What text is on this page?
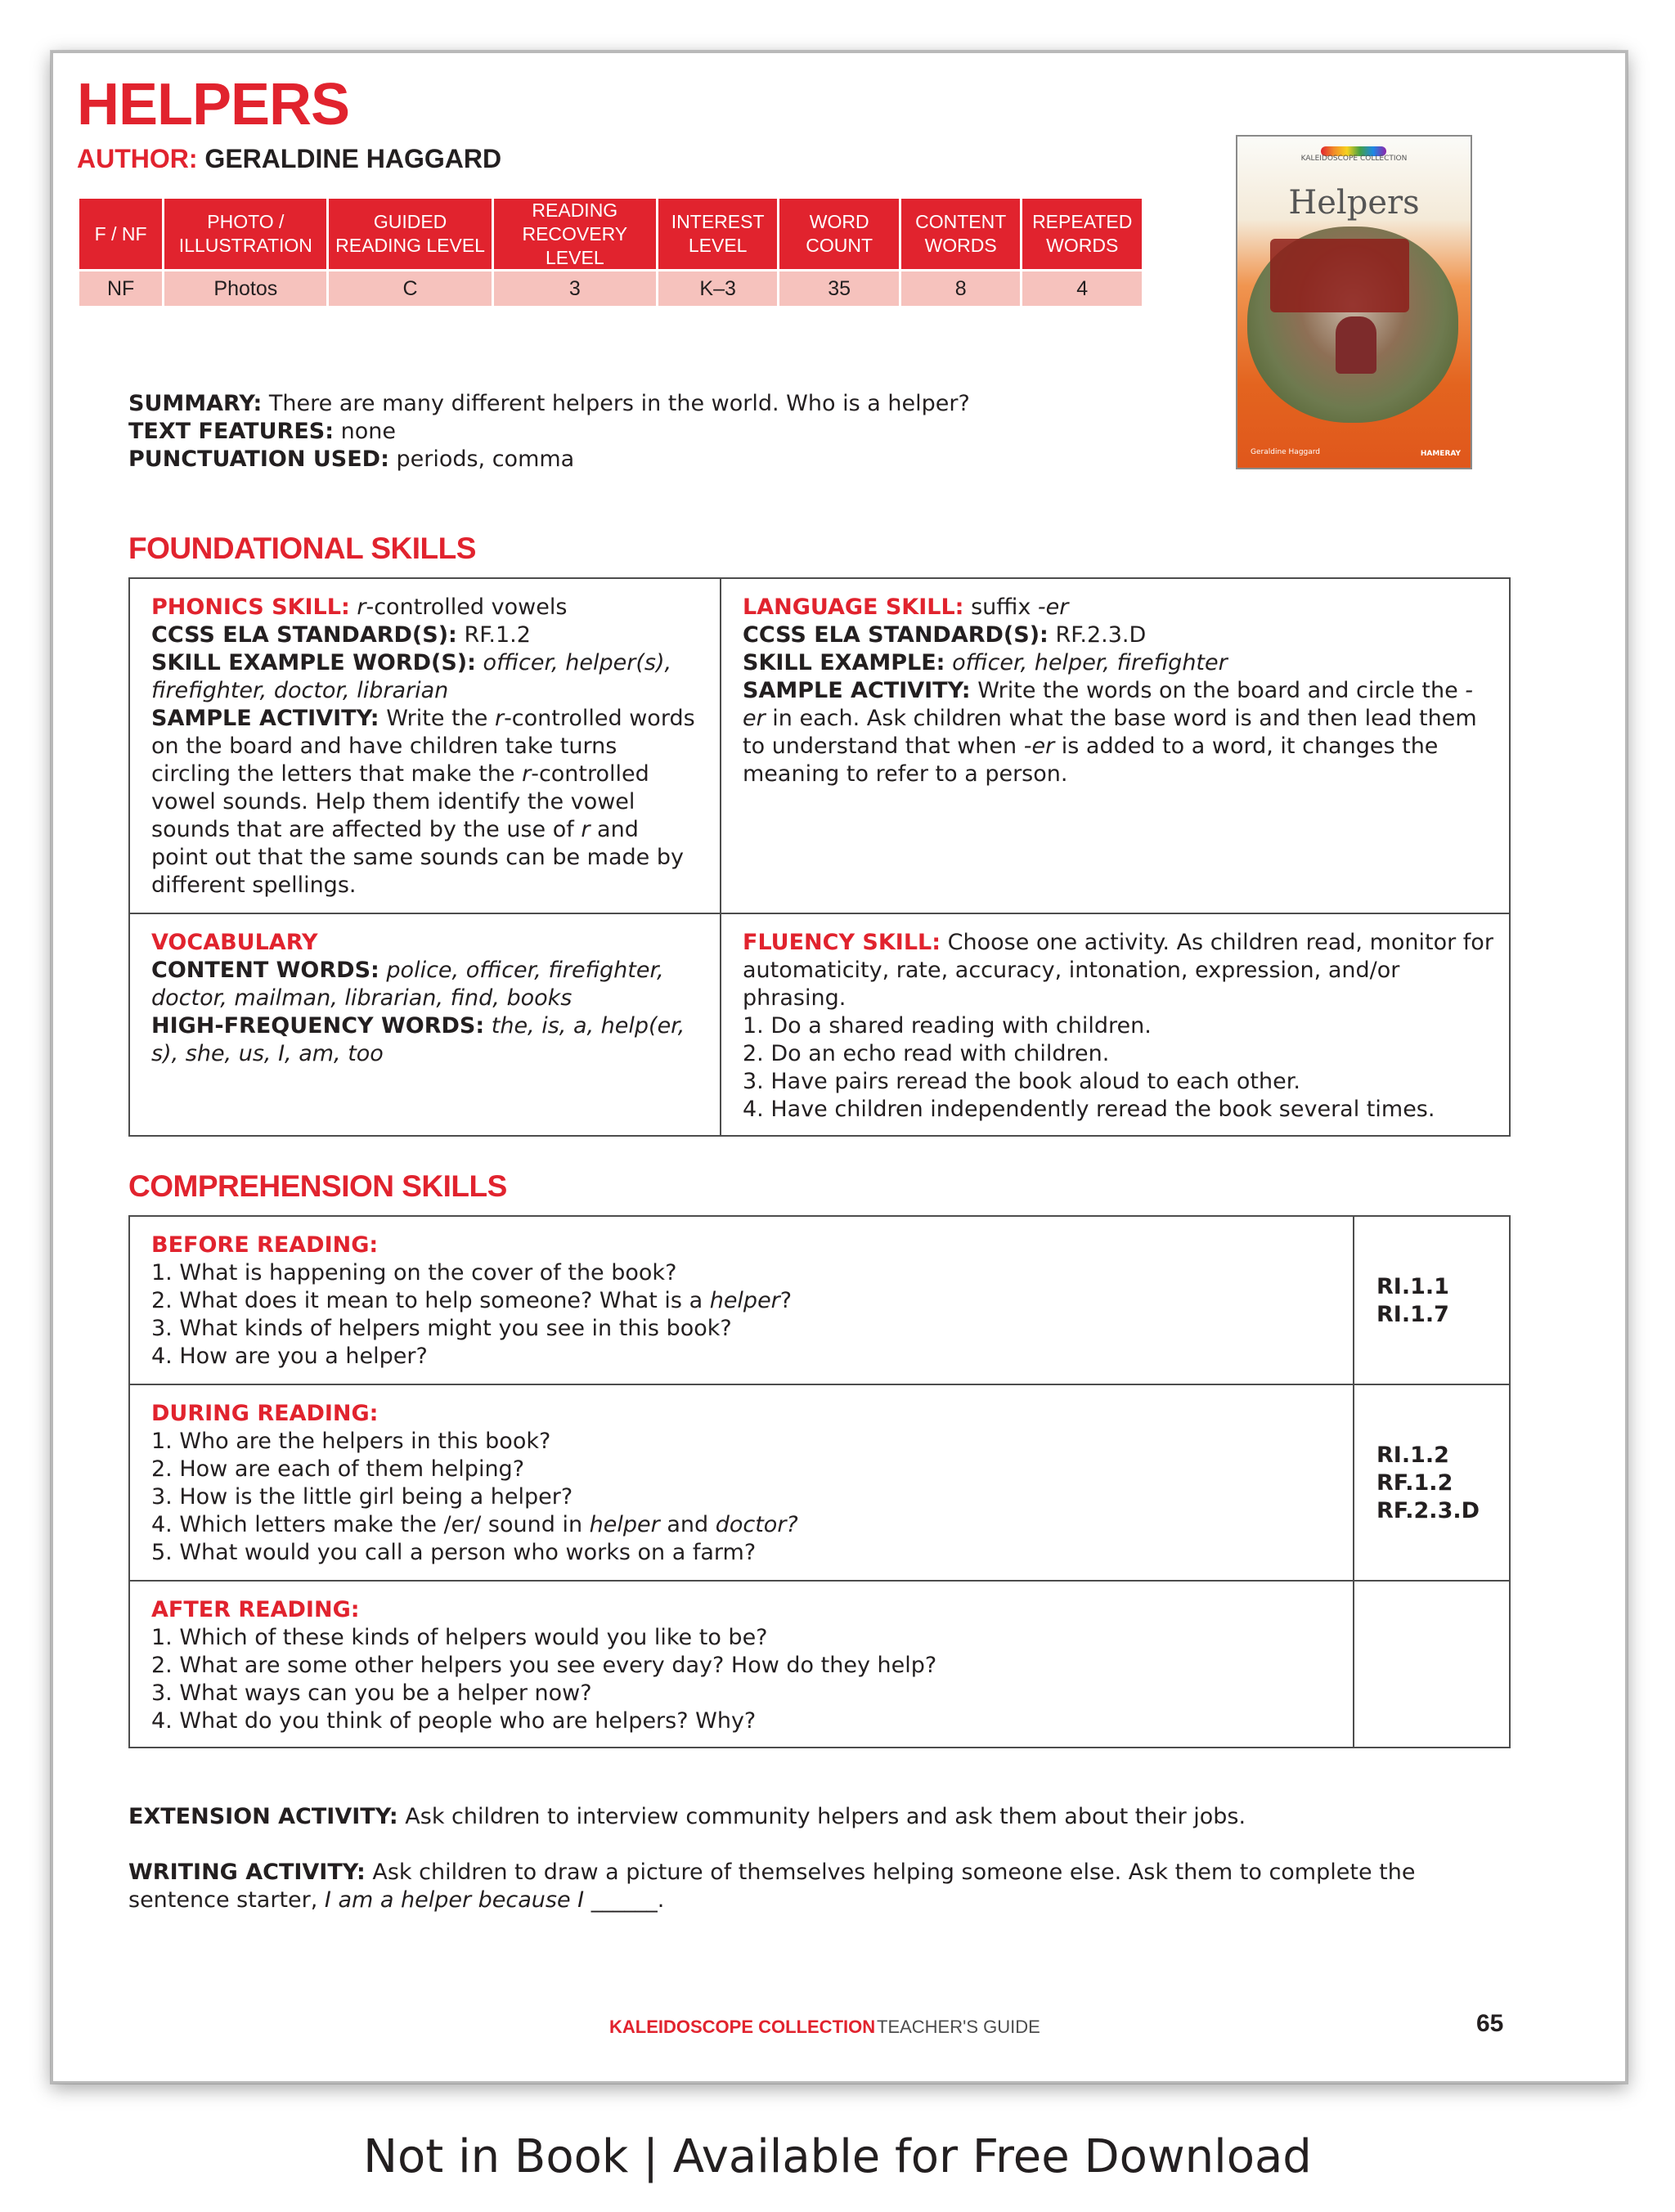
HELPERS
AUTHOR: GERALDINE HAGGARD
F / NF	PHOTO / ILLUSTRATION	GUIDED READING LEVEL	READING RECOVERY LEVEL	INTEREST LEVEL	WORD COUNT	CONTENT WORDS	REPEATED WORDS
NF	Photos	C	3	K–3	35	8	4
KALEIDOSCOPE COLLECTION
Helpers
Geraldine Haggard	HAMERAY
SUMMARY: There are many different helpers in the world. Who is a helper?
TEXT FEATURES: none
PUNCTUATION USED: periods, comma
FOUNDATIONAL SKILLS
PHONICS SKILL: r-controlled vowels
CCSS ELA STANDARD(S): RF.1.2
SKILL EXAMPLE WORD(S): officer, helper(s), firefighter, doctor, librarian
SAMPLE ACTIVITY: Write the r-controlled words on the board and have children take turns circling the letters that make the r-controlled vowel sounds. Help them identify the vowel sounds that are affected by the use of r and point out that the same sounds can be made by different spellings.
LANGUAGE SKILL: suffix -er
CCSS ELA STANDARD(S): RF.2.3.D
SKILL EXAMPLE: officer, helper, firefighter
SAMPLE ACTIVITY: Write the words on the board and circle the -er in each. Ask children what the base word is and then lead them to understand that when -er is added to a word, it changes the meaning to refer to a person.
VOCABULARY
CONTENT WORDS: police, officer, firefighter, doctor, mailman, librarian, find, books
HIGH-FREQUENCY WORDS: the, is, a, help(er, s), she, us, I, am, too
FLUENCY SKILL: Choose one activity. As children read, monitor for automaticity, rate, accuracy, intonation, expression, and/or phrasing.
1. Do a shared reading with children.
2. Do an echo read with children.
3. Have pairs reread the book aloud to each other.
4. Have children independently reread the book several times.
COMPREHENSION SKILLS
BEFORE READING:
1. What is happening on the cover of the book?
2. What does it mean to help someone? What is a helper?
3. What kinds of helpers might you see in this book?
4. How are you a helper?
RI.1.1
RI.1.7
DURING READING:
1. Who are the helpers in this book?
2. How are each of them helping?
3. How is the little girl being a helper?
4. Which letters make the /er/ sound in helper and doctor?
5. What would you call a person who works on a farm?
RI.1.2
RF.1.2
RF.2.3.D
AFTER READING:
1. Which of these kinds of helpers would you like to be?
2. What are some other helpers you see every day? How do they help?
3. What ways can you be a helper now?
4. What do you think of people who are helpers? Why?
EXTENSION ACTIVITY: Ask children to interview community helpers and ask them about their jobs.
WRITING ACTIVITY: Ask children to draw a picture of themselves helping someone else. Ask them to complete the sentence starter, I am a helper because I ______.
KALEIDOSCOPE COLLECTION TEACHER'S GUIDE	65
Not in Book | Available for Free Download
